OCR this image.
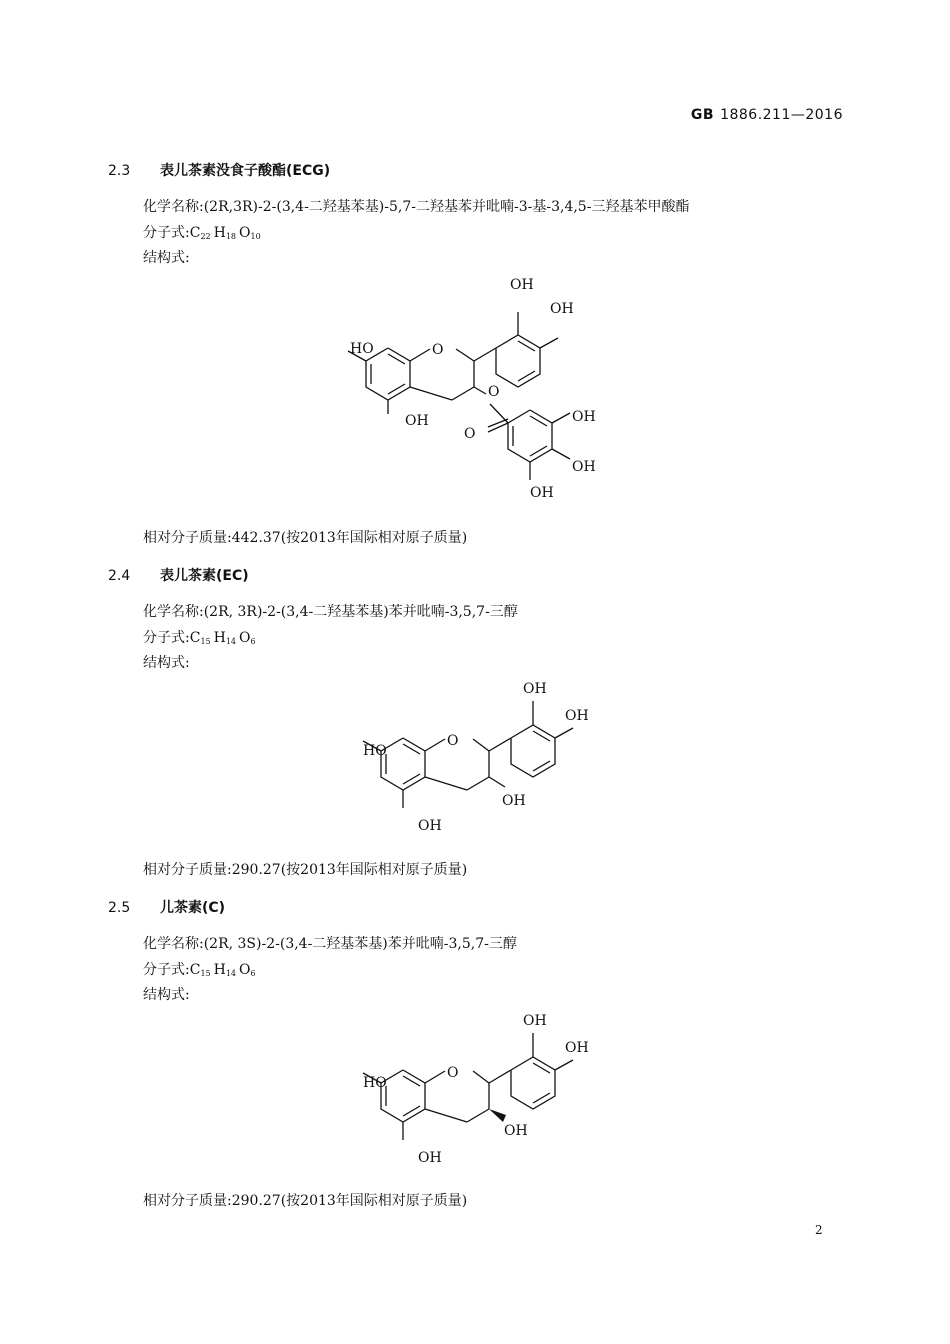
GB 1886.211—2016
2.3 表儿茶素没食子酸酯(ECG)
化学名称:(2R,3R)-2-(3,4-二羟基苯基)-5,7-二羟基苯并吡喃-3-基-3,4,5-三羟基苯甲酸酯
分子式$:C_{22}$ $H_{18}$ $O_{10}$
结构式:
O
OH
OH
HO
OH
O
O
OH
OH
OH
相对分子质量:442.37(按2013年国际相对原子质量)
2.4 表儿茶素(EC)
化学名称:(2R, 3R)-2-(3,4-二羟基苯基)苯并吡喃-3,5,7-三醇
分子式$:C_{15}$ $H_{14}$ $O_6$
结构式:
O
OH
OH
HO
OH
OH
相对分子质量:290.27(按2013年国际相对原子质量)
2.5 儿茶素(C)
化学名称:(2R, 3S)-2-(3,4-二羟基苯基)苯并吡喃-3,5,7-三醇
分子式$:C_{15}$ $H_{14}$ $O_6$
结构式:
O
OH
OH
HO
OH
OH
相对分子质量:290.27(按2013年国际相对原子质量)
2
